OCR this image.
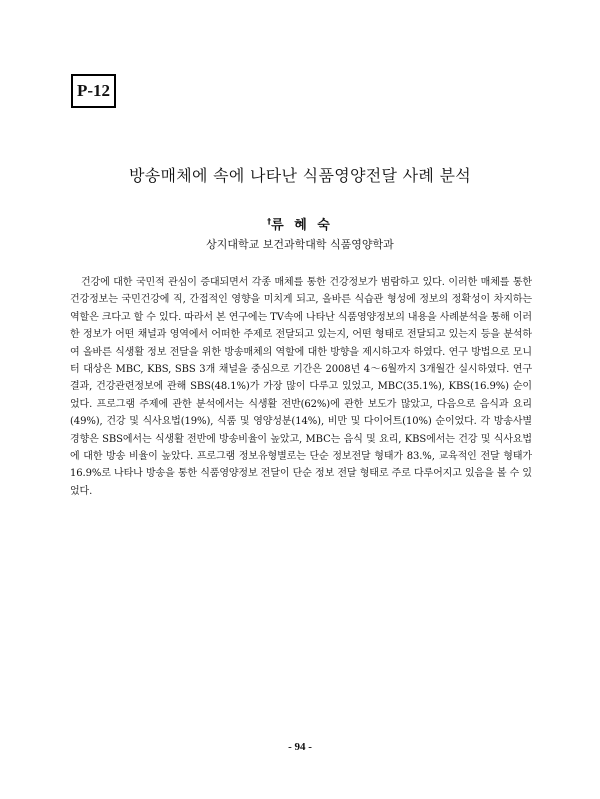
P-12
방송매체에 속에 나타난 식품영양전달 사례 분석
†류 혜 숙
상지대학교 보건과학대학 식품영양학과

건강에 대한 국민적 관심이 증대되면서 각종 매체를 통한 건강정보가 범람하고 있다. 이러한 매체를 통한 건강정보는 국민건강에 직, 간접적인 영향을 미치게 되고, 올바른 식습관 형성에 정보의 정확성이 차지하는 역할은 크다고 할 수 있다. 따라서 본 연구에는 TV속에 나타난 식품영양정보의 내용을 사례분석을 통해 이러한 정보가 어떤 채널과 영역에서 어떠한 주제로 전달되고 있는지, 어떤 형태로 전달되고 있는지 등을 분석하여 올바른 식생활 정보 전달을 위한 방송매체의 역할에 대한 방향을 제시하고자 하였다. 연구 방법으로 모니터 대상은 MBC, KBS, SBS 3개 채널을 중심으로 기간은 2008년 4～6월까지 3개월간 실시하였다. 연구 결과, 건강관련정보에 관해 SBS(48.1%)가 가장 많이 다루고 있었고, MBC(35.1%), KBS(16.9%) 순이었다. 프로그램 주제에 관한 분석에서는 식생활 전반(62%)에 관한 보도가 많았고, 다음으로 음식과 요리(49%), 건강 및 식사요법(19%), 식품 및 영양성분(14%), 비만 및 다이어트(10%) 순이었다. 각 방송사별 경향은 SBS에서는 식생활 전반에 방송비율이 높았고, MBC는 음식 및 요리, KBS에서는 건강 및 식사요법에 대한 방송 비율이 높았다. 프로그램 정보유형별로는 단순 정보전달 형태가 83.%, 교육적인 전달 형태가 16.9%로 나타나 방송을 통한 식품영양정보 전달이 단순 정보 전달 형태로 주로 다루어지고 있음을 볼 수 있었다.

- 94 -
